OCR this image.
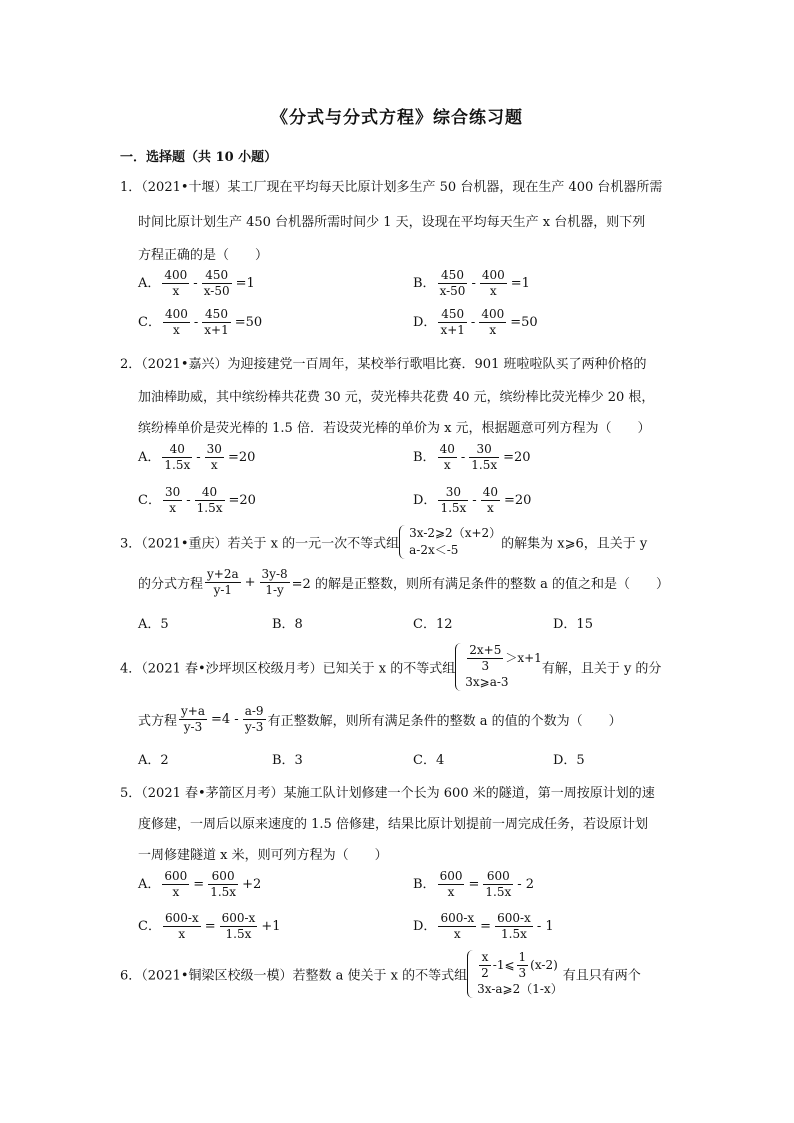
《分式与分式方程》综合练习题
一．选择题（共 10 小题）
1．（2021•十堰）某工厂现在平均每天比原计划多生产 50 台机器，现在生产 400 台机器所需
时间比原计划生产 450 台机器所需时间少 1 天，设现在平均每天生产 x 台机器，则下列
方程正确的是（　　）
A． $\frac{400}{x} - \frac{450}{x-50} =1$	B． $\frac{450}{x-50} - \frac{400}{x} =1$
C． $\frac{400}{x} - \frac{450}{x+1} =50$	D． $\frac{450}{x+1} - \frac{400}{x} =50$
2．（2021•嘉兴）为迎接建党一百周年，某校举行歌唱比赛．901 班啦啦队买了两种价格的
加油棒助威，其中缤纷棒共花费 30 元，荧光棒共花费 40 元，缤纷棒比荧光棒少 20 根，
缤纷棒单价是荧光棒的 1.5 倍．若设荧光棒的单价为 x 元，根据题意可列方程为（　　）
A． $\frac{40}{1.5x} - \frac{30}{x} =20$	B． $\frac{40}{x} - \frac{30}{1.5x} =20$
C． $\frac{30}{x} - \frac{40}{1.5x} =20$	D． $\frac{30}{1.5x} - \frac{40}{x} =20$
3．（2021•重庆）若关于 x 的一元一次不等式组
3x-2⩾2（x+2）
a-2x＜-5	的解集为 x⩾6，且关于 y
的分式方程 $\frac{y+2a}{y-1} + \frac{3y-8}{1-y} =2$ 的解是正整数，则所有满足条件的整数 a 的值之和是（　　）
A．5	B．8	C．12	D．15
4．（2021 春•沙坪坝区校级月考）已知关于 x 的不等式组 $\frac{2x+5}{3} >x+1$
3x⩾a-3
有解，且关于 y 的分
式方程 $\frac{y+a}{y-3} =4 - \frac{a-9}{y-3}$ 有正整数解，则所有满足条件的整数 a 的值的个数为（　　）
A．2	B．3	C．4	D．5
5．（2021 春•茅箭区月考）某施工队计划修建一个长为 600 米的隧道，第一周按原计划的速
度修建，一周后以原来速度的 1.5 倍修建，结果比原计划提前一周完成任务，若设原计划
一周修建隧道 x 米，则可列方程为（　　）
A． $\frac{600}{x} = \frac{600}{1.5x} +2$	B． $\frac{600}{x} = \frac{600}{1.5x} - 2$
C． $\frac{600-x}{x} = \frac{600-x}{1.5x} +1$	D． $\frac{600-x}{x} = \frac{600-x}{1.5x} - 1$
6．（2021•铜梁区校级一模）若整数 a 使关于 x 的不等式组 $\frac{x}{2}$ -1⩽ $\frac{1}{3} (x-2)$
3x-a⩾2（1-x）
有且只有两个
